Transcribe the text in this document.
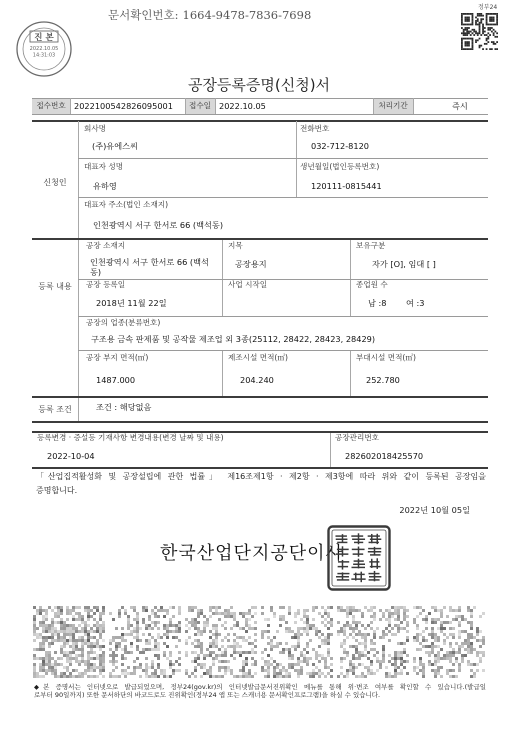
문서확인번호: 1664-9478-7836-7698
진 본
2022.10.05
14:31:03
정부24
공장등록증명(신청)서
접수번호	2022100542826095001	접수일 2022.10.05	처리기간	즉시
신청인
회사명
(주)유에스씨
전화번호
032-712-8120
대표자 성명
유하영
생년월일(법인등록번호)
120111-0815441
대표자 주소(법인 소재지)
인천광역시 서구 한서로 66 (백석동)
등록 내용
공장 소재지
인천광역시 서구 한서로 66 (백석동)
지목
공장용지
보유구분
자가 [O], 임대 [ ]
공장 등록일
2018년 11월 22일
사업 시작일	종업원 수
남 :8 여 :3
공장의 업종(분류번호)
구조용 금속 판제품 및 공작물 제조업 외 3종(25112, 28422, 28423, 28429)
공장 부지 면적(㎡)
1487.000
제조시설 면적(㎡)
204.240
부대시설 면적(㎡)
252.780
등록 조건	조건 : 해당없음
등록변경 · 증설등 기재사항 변경내용(변경 날짜 및 내용)
2022-10-04
공장관리번호
282602018425570
「산업집적활성화 및 공장설립에 관한 법률」 제16조제1항 · 제2항 · 제3항에 따라 위와 같이 등록된 공장임을
증명합니다.
2022년 10월 05일
한국산업단지공단이사
◆본 증명서는 인터넷으로 발급되었으며, 정부24(gov.kr)의 인터넷발급문서진위확인 메뉴를 통해 위·변조 여부를 확인할 수 있습니다.(발급일
로부터 90일까지) 또한 문서하단의 바코드로도 진위확인(정부24 앱 또는 스캐너용 문서확인프로그램)을 하실 수 있습니다.
